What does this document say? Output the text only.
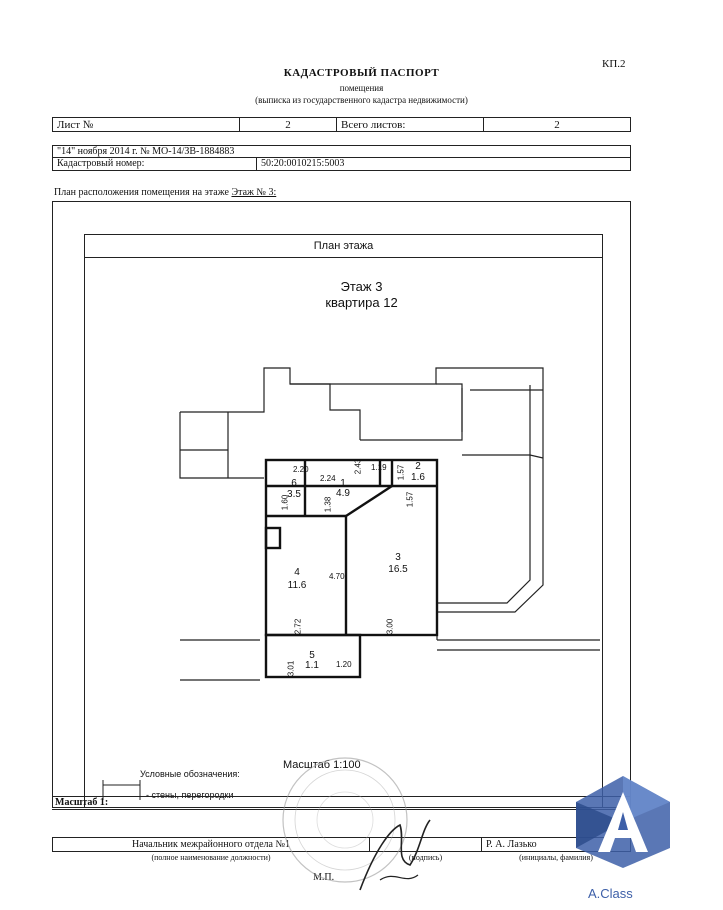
КП.2
КАДАСТРОВЫЙ ПАСПОРТ
помещения
(выписка из государственного кадастра недвижимости)
Лист №	2	Всего листов:	2
"14" ноября 2014 г. № МО-14/ЗВ-1884883
Кадастровый номер:	50:20:0010215:5003
План расположения помещения на этаже Этаж № 3:
План этажа
Этаж 3
квартира 12
6
3.5
1
4.9
2
1.6
4
11.6
3
16.5
5
1.1
2.20
2.24
2.43 1.19 1.57
1.60	1.38	1.57
4.70
2.72	3.00
3.01	1.20
Масштаб 1:100
Условные обозначения:
- стены, перегородки
Масштаб 1:
Начальник межрайонного отдела №1	Р. А. Лазько
(полное наименование должности)	(подпись)	(инициалы, фамилия)
М.П.
A.Class
